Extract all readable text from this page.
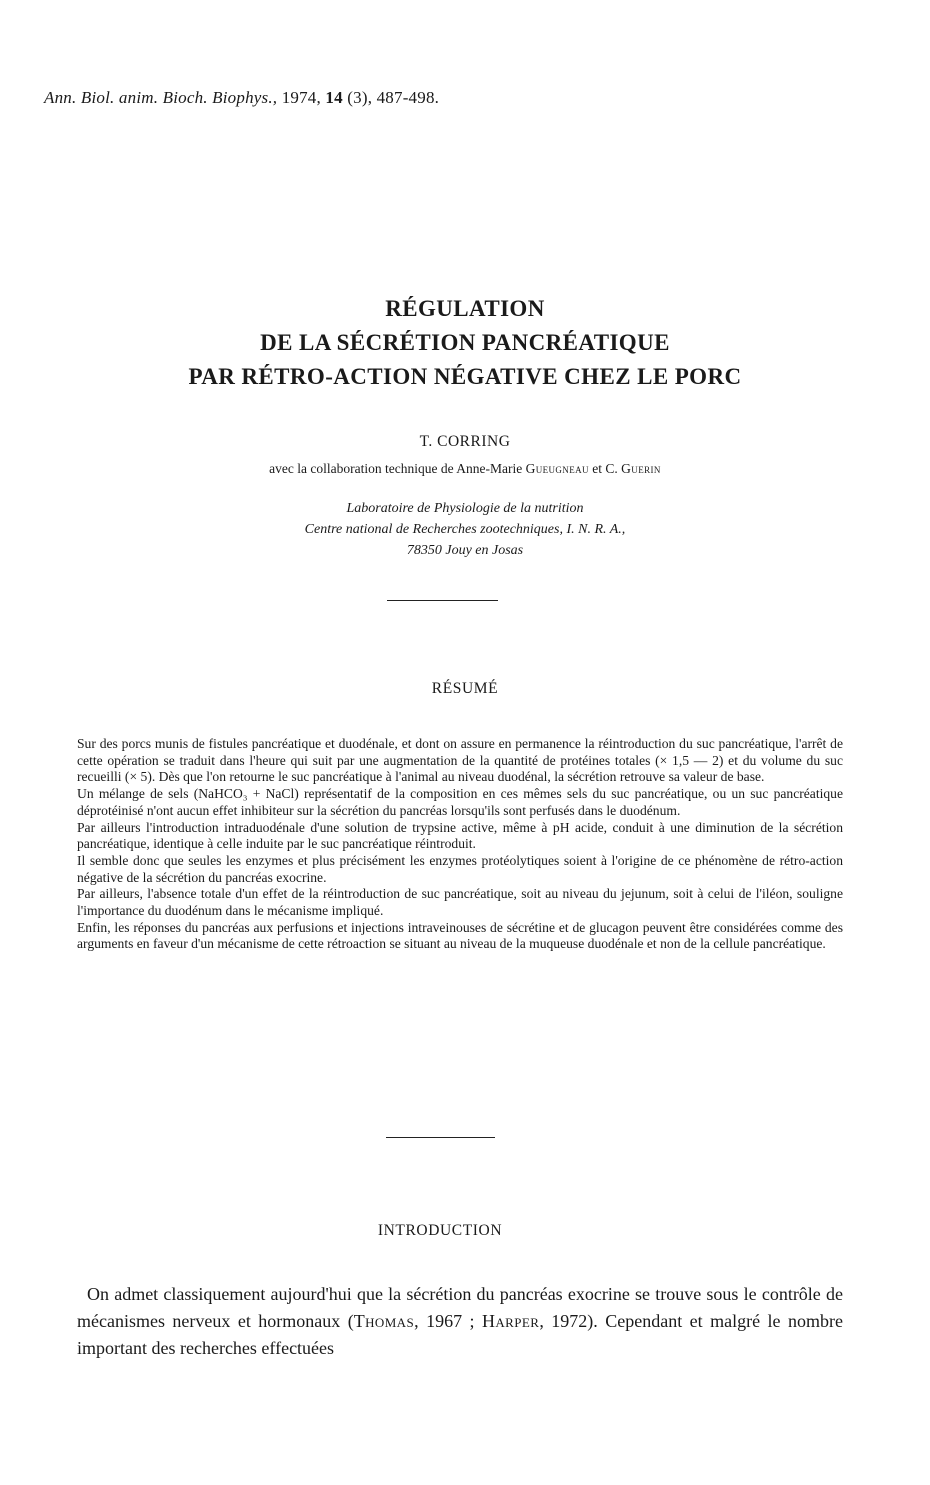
Ann. Biol. anim. Bioch. Biophys., 1974, 14 (3), 487-498.
RÉGULATION
DE LA SÉCRÉTION PANCRÉATIQUE
PAR RÉTRO-ACTION NÉGATIVE CHEZ LE PORC
T. CORRING
avec la collaboration technique de Anne-Marie Gueugneau et C. Guerin
Laboratoire de Physiologie de la nutrition
Centre national de Recherches zootechniques, I. N. R. A.,
78350 Jouy en Josas
RÉSUMÉ

Sur des porcs munis de fistules pancréatique et duodénale, et dont on assure en permanence la réintroduction du suc pancréatique, l'arrêt de cette opération se traduit dans l'heure qui suit par une augmentation de la quantité de protéines totales (× 1,5 — 2) et du volume du suc recueilli (× 5). Dès que l'on retourne le suc pancréatique à l'animal au niveau duodénal, la sécrétion retrouve sa valeur de base.

Un mélange de sels (NaHCO₃ + NaCl) représentatif de la composition en ces mêmes sels du suc pancréatique, ou un suc pancréatique déprotéinisé n'ont aucun effet inhibiteur sur la sécrétion du pancréas lorsqu'ils sont perfusés dans le duodénum.

Par ailleurs l'introduction intraduodénale d'une solution de trypsine active, même à pH acide, conduit à une diminution de la sécrétion pancréatique, identique à celle induite par le suc pancréatique réintroduit.

Il semble donc que seules les enzymes et plus précisément les enzymes protéolytiques soient à l'origine de ce phénomène de rétro-action négative de la sécrétion du pancréas exocrine.

Par ailleurs, l'absence totale d'un effet de la réintroduction de suc pancréatique, soit au niveau du jejunum, soit à celui de l'iléon, souligne l'importance du duodénum dans le mécanisme impliqué.

Enfin, les réponses du pancréas aux perfusions et injections intraveinouses de sécrétine et de glucagon peuvent être considérées comme des arguments en faveur d'un mécanisme de cette rétroaction se situant au niveau de la muqueuse duodénale et non de la cellule pancréatique.

INTRODUCTION

On admet classiquement aujourd'hui que la sécrétion du pancréas exocrine se trouve sous le contrôle de mécanismes nerveux et hormonaux (Thomas, 1967 ; Harper, 1972). Cependant et malgré le nombre important des recherches effectuées
